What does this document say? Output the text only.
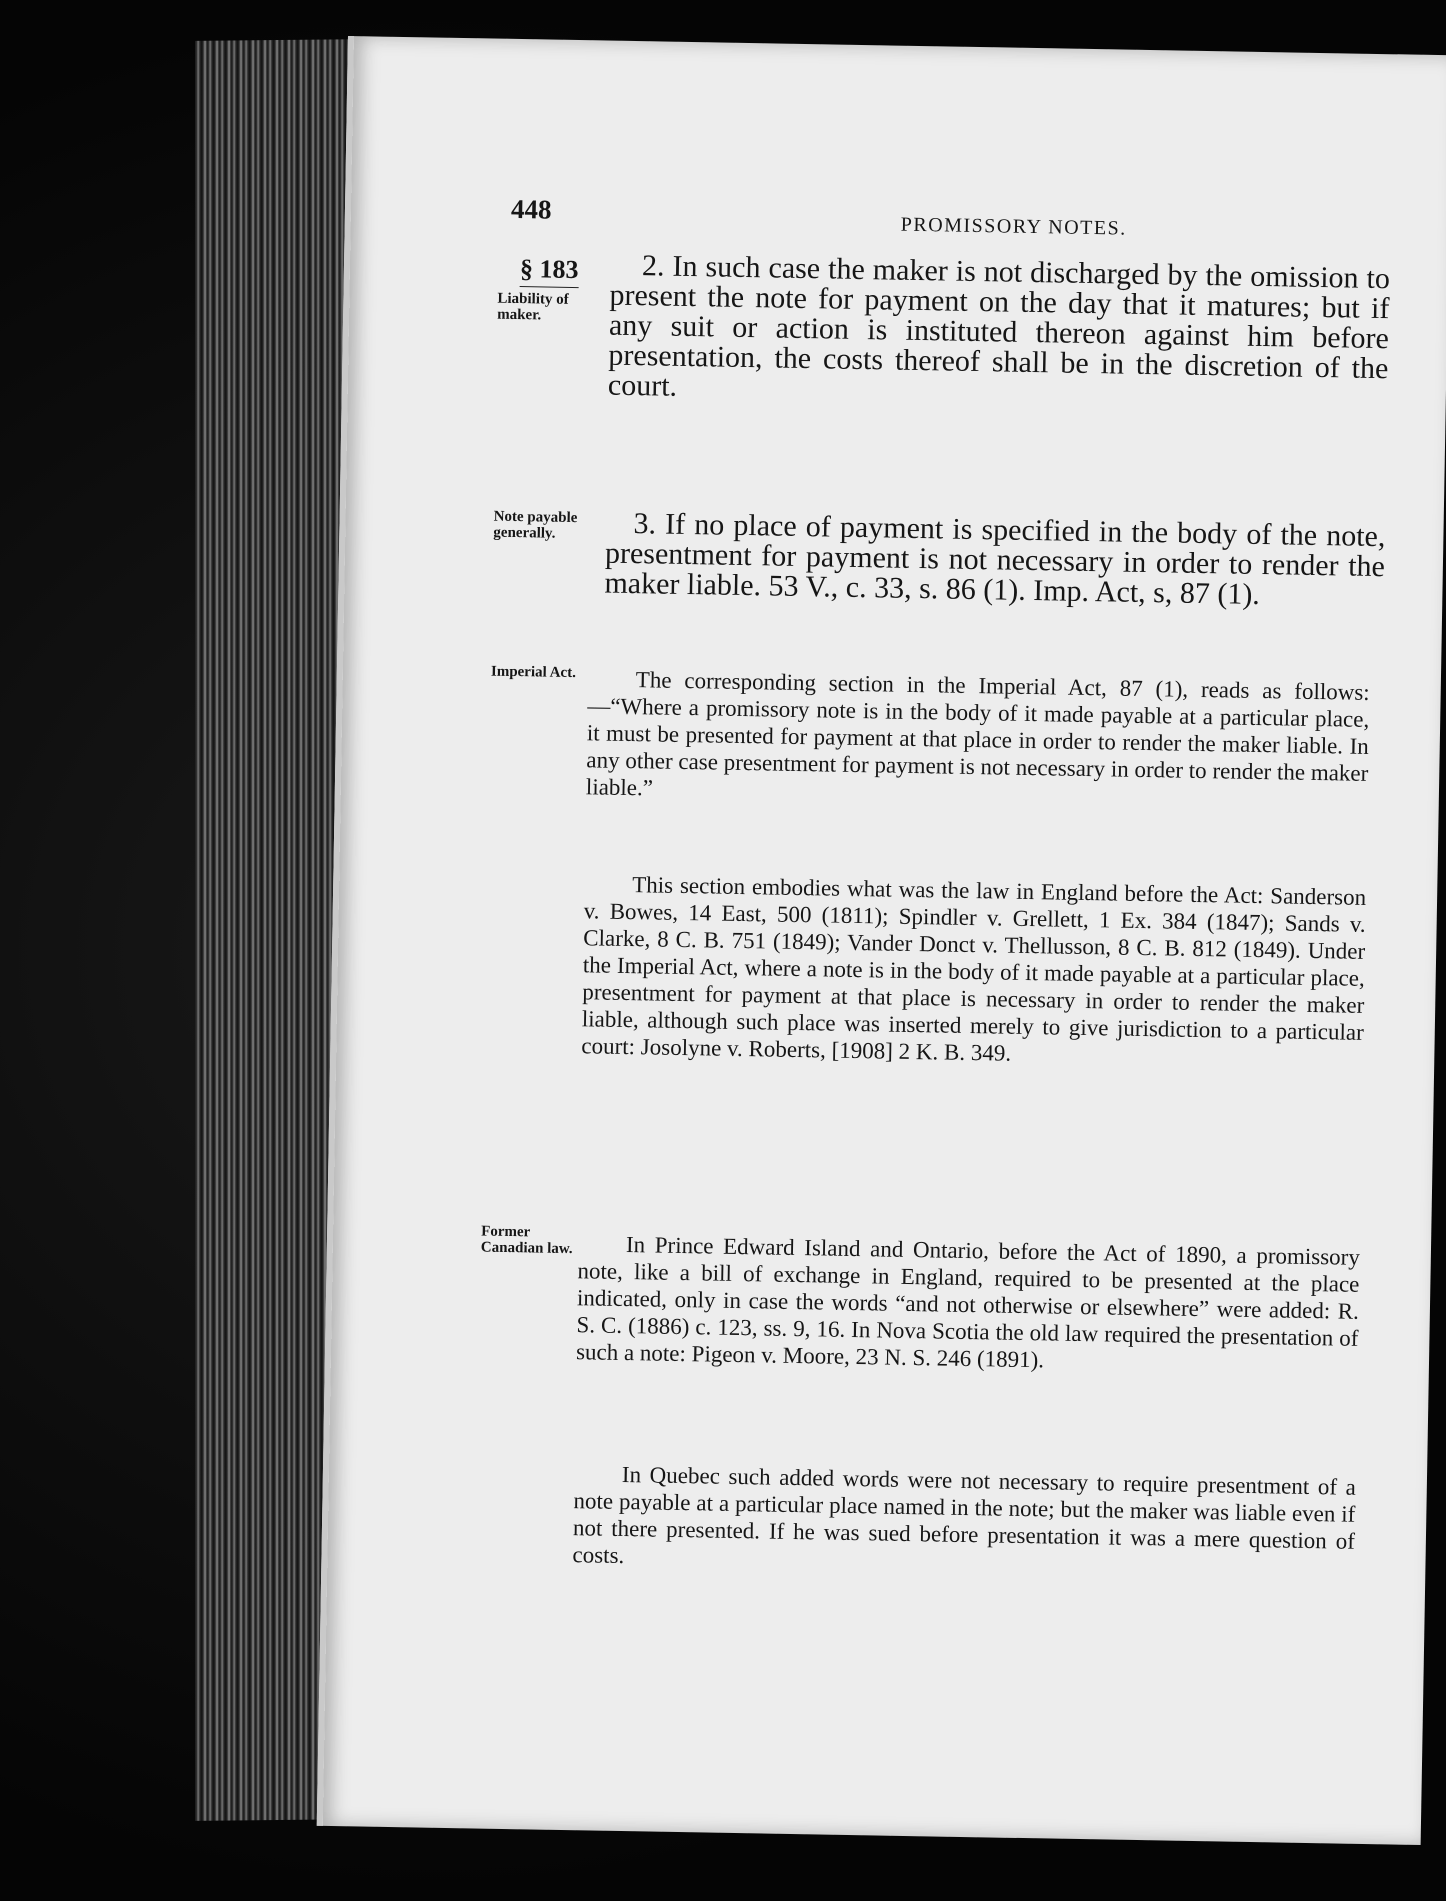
448
PROMISSORY NOTES.
§ 183
Liability of maker.
2. In such case the maker is not discharged by the omission to present the note for payment on the day that it matures; but if any suit or action is instituted thereon against him before presentation, the costs thereof shall be in the discretion of the court.
Note payable generally.	3. If no place of payment is specified in the body of the note, presentment for payment is not necessary in order to render the maker liable. 53 V., c. 33, s. 86 (1). Imp. Act, s, 87 (1).
Imperial Act.	The corresponding section in the Imperial Act, 87 (1), reads as follows:—“Where a promissory note is in the body of it made payable at a particular place, it must be presented for payment at that place in order to render the maker liable. In any other case presentment for payment is not necessary in order to render the maker liable.”
This section embodies what was the law in England before the Act: Sanderson v. Bowes, 14 East, 500 (1811); Spindler v. Grellett, 1 Ex. 384 (1847); Sands v. Clarke, 8 C. B. 751 (1849); Vander Donct v. Thellusson, 8 C. B. 812 (1849). Under the Imperial Act, where a note is in the body of it made payable at a particular place, presentment for payment at that place is necessary in order to render the maker liable, although such place was inserted merely to give jurisdiction to a particular court: Josolyne v. Roberts, [1908] 2 K. B. 349.
Former Canadian law.	In Prince Edward Island and Ontario, before the Act of 1890, a promissory note, like a bill of exchange in England, required to be presented at the place indicated, only in case the words “and not otherwise or elsewhere” were added: R. S. C. (1886) c. 123, ss. 9, 16. In Nova Scotia the old law required the presentation of such a note: Pigeon v. Moore, 23 N. S. 246 (1891).
In Quebec such added words were not necessary to require presentment of a note payable at a particular place named in the note; but the maker was liable even if not there presented. If he was sued before presentation it was a mere question of costs.
